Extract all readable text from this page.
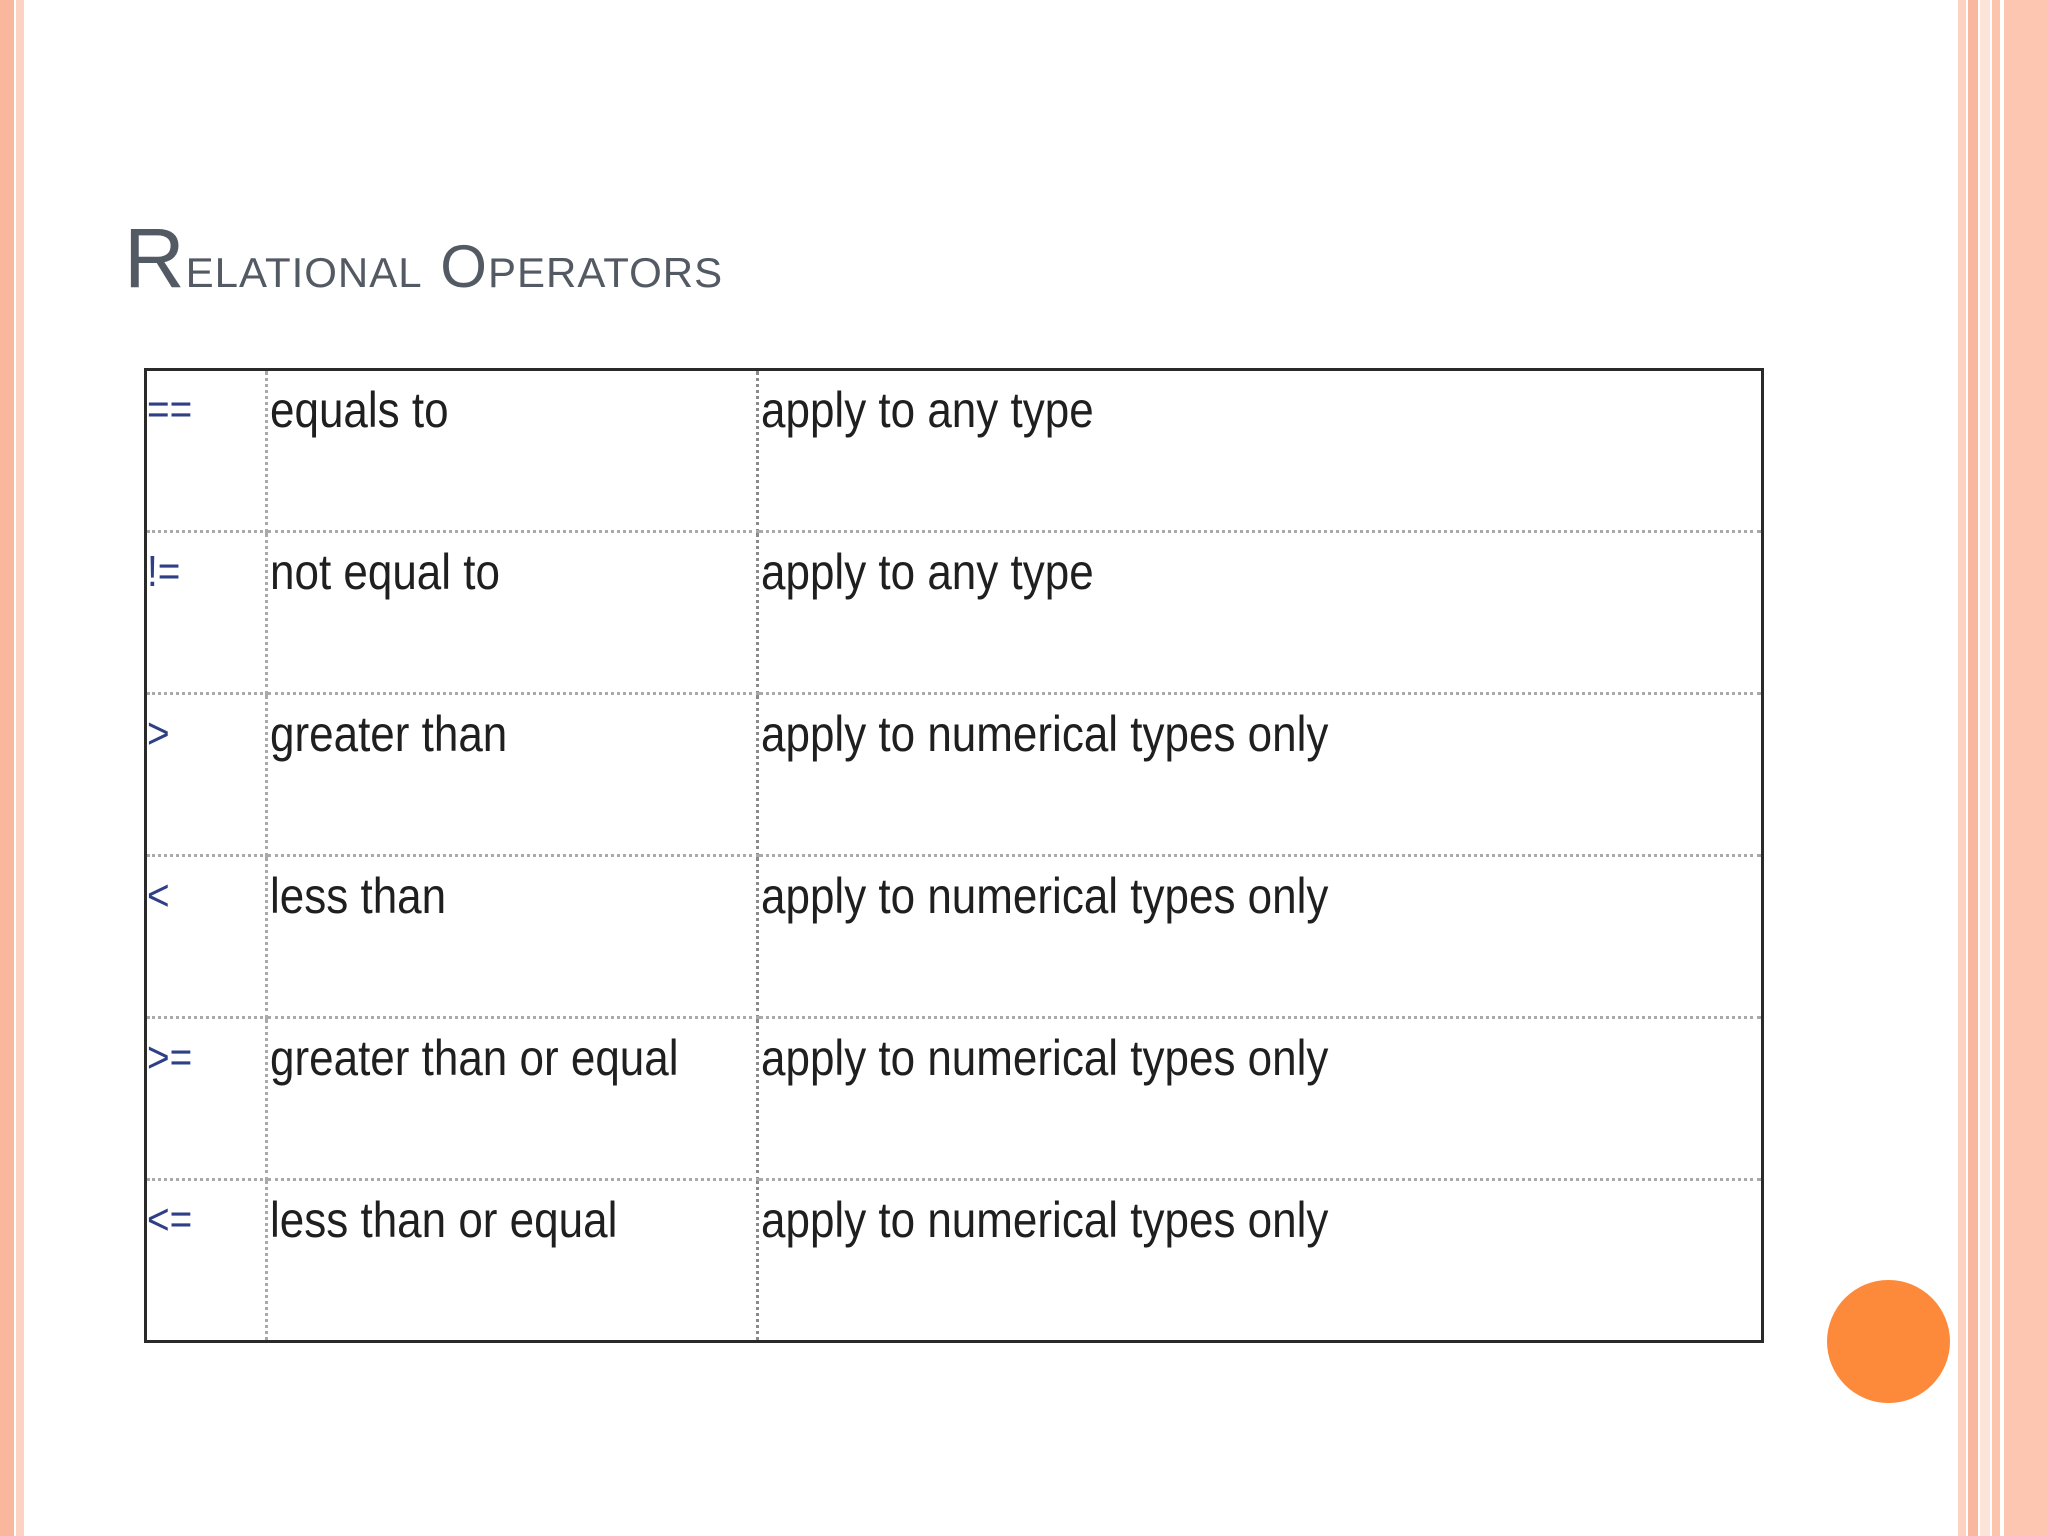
Relational Operators
==	equals to	apply to any type
!=	not equal to	apply to any type
>	greater than	apply to numerical types only
<	less than	apply to numerical types only
>=	greater than or equal	apply to numerical types only
<=	less than or equal	apply to numerical types only
